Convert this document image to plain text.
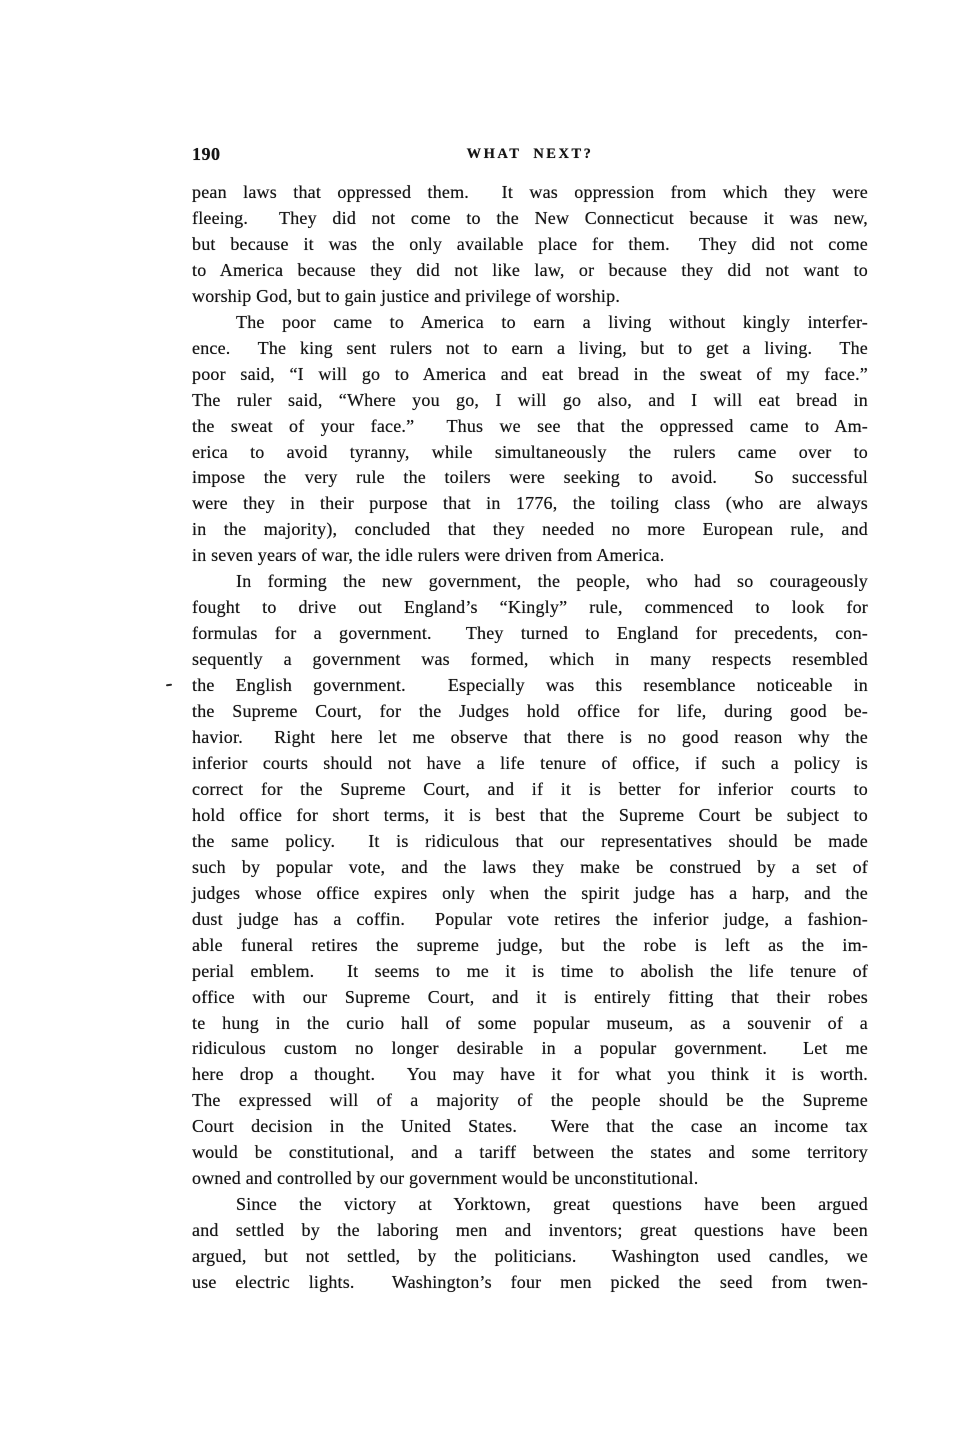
190	WHAT NEXT?
pean laws that oppressed them.  It was oppression from which they were
fleeing.  They did not come to the New Connecticut because it was new,
but because it was the only available place for them.  They did not come
to America because they did not like law, or because they did not want to
worship God, but to gain justice and privilege of worship.
The poor came to America to earn a living without kingly interfer-
ence.  The king sent rulers not to earn a living, but to get a living.  The
poor said, “I will go to America and eat bread in the sweat of my face.”
The ruler said, “Where you go, I will go also, and I will eat bread in
the sweat of your face.”  Thus we see that the oppressed came to Am-
erica to avoid tyranny, while simultaneously the rulers came over to
impose the very rule the toilers were seeking to avoid.  So successful
were they in their purpose that in 1776, the toiling class (who are always
in the majority), concluded that they needed no more European rule, and
in seven years of war, the idle rulers were driven from America.
In forming the new government, the people, who had so courageously
fought to drive out England’s “Kingly” rule, commenced to look for
formulas for a government.  They turned to England for precedents, con-
sequently a government was formed, which in many respects resembled
the English government.  Especially was this resemblance noticeable in
the Supreme Court, for the Judges hold office for life, during good be-
havior.  Right here let me observe that there is no good reason why the
inferior courts should not have a life tenure of office, if such a policy is
correct for the Supreme Court, and if it is better for inferior courts to
hold office for short terms, it is best that the Supreme Court be subject to
the same policy.  It is ridiculous that our representatives should be made
such by popular vote, and the laws they make be construed by a set of
judges whose office expires only when the spirit judge has a harp, and the
dust judge has a coffin.  Popular vote retires the inferior judge, a fashion-
able funeral retires the supreme judge, but the robe is left as the im-
perial emblem.  It seems to me it is time to abolish the life tenure of
office with our Supreme Court, and it is entirely fitting that their robes
te hung in the curio hall of some popular museum, as a souvenir of a
ridiculous custom no longer desirable in a popular government.  Let me
here drop a thought.  You may have it for what you think it is worth.
The expressed will of a majority of the people should be the Supreme
Court decision in the United States.  Were that the case an income tax
would be constitutional, and a tariff between the states and some territory
owned and controlled by our government would be unconstitutional.
Since the victory at Yorktown, great questions have been argued
and settled by the laboring men and inventors; great questions have been
argued, but not settled, by the politicians.  Washington used candles, we
use electric lights.  Washington’s four men picked the seed from twen-
